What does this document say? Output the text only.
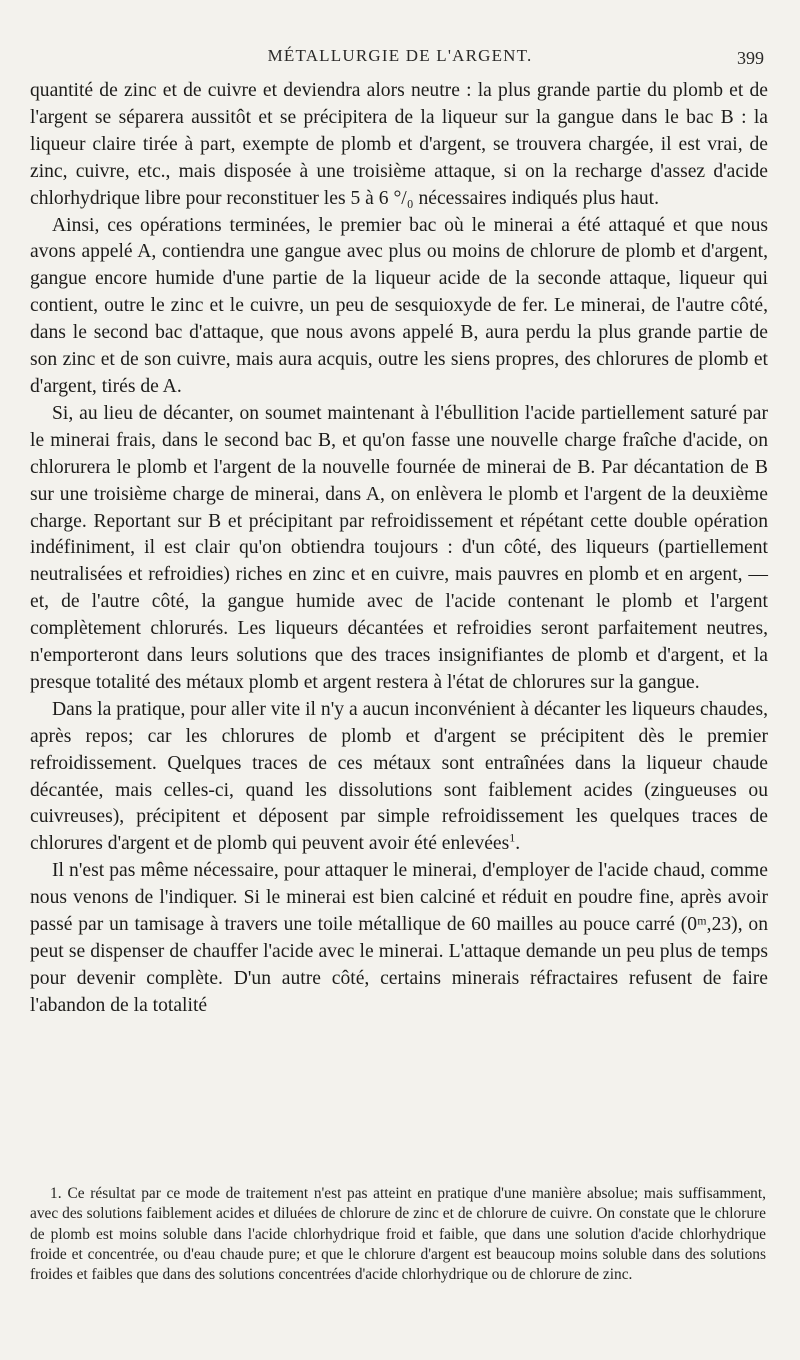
MÉTALLURGIE DE L'ARGENT.	399

quantité de zinc et de cuivre et deviendra alors neutre : la plus grande partie du plomb et de l'argent se séparera aussitôt et se précipitera de la liqueur sur la gangue dans le bac B : la liqueur claire tirée à part, exempte de plomb et d'argent, se trouvera chargée, il est vrai, de zinc, cuivre, etc., mais disposée à une troisième attaque, si on la recharge d'assez d'acide chlorhydrique libre pour reconstituer les 5 à 6 °/₀ nécessaires indiqués plus haut.

Ainsi, ces opérations terminées, le premier bac où le minerai a été attaqué et que nous avons appelé A, contiendra une gangue avec plus ou moins de chlorure de plomb et d'argent, gangue encore humide d'une partie de la liqueur acide de la seconde attaque, liqueur qui contient, outre le zinc et le cuivre, un peu de sesquioxyde de fer. Le minerai, de l'autre côté, dans le second bac d'attaque, que nous avons appelé B, aura perdu la plus grande partie de son zinc et de son cuivre, mais aura acquis, outre les siens propres, des chlorures de plomb et d'argent, tirés de A.

Si, au lieu de décanter, on soumet maintenant à l'ébullition l'acide partiellement saturé par le minerai frais, dans le second bac B, et qu'on fasse une nouvelle charge fraîche d'acide, on chlorurera le plomb et l'argent de la nouvelle fournée de minerai de B. Par décantation de B sur une troisième charge de minerai, dans A, on enlèvera le plomb et l'argent de la deuxième charge. Reportant sur B et précipitant par refroidissement et répétant cette double opération indéfiniment, il est clair qu'on obtiendra toujours : d'un côté, des liqueurs (partiellement neutralisées et refroidies) riches en zinc et en cuivre, mais pauvres en plomb et en argent, — et, de l'autre côté, la gangue humide avec de l'acide contenant le plomb et l'argent complètement chlorurés. Les liqueurs décantées et refroidies seront parfaitement neutres, n'emporteront dans leurs solutions que des traces insignifiantes de plomb et d'argent, et la presque totalité des métaux plomb et argent restera à l'état de chlorures sur la gangue.

Dans la pratique, pour aller vite il n'y a aucun inconvénient à décanter les liqueurs chaudes, après repos; car les chlorures de plomb et d'argent se précipitent dès le premier refroidissement. Quelques traces de ces métaux sont entraînées dans la liqueur chaude décantée, mais celles-ci, quand les dissolutions sont faiblement acides (zingueuses ou cuivreuses), précipitent et déposent par simple refroidissement les quelques traces de chlorures d'argent et de plomb qui peuvent avoir été enlevées$^1$.

Il n'est pas même nécessaire, pour attaquer le minerai, d'employer de l'acide chaud, comme nous venons de l'indiquer. Si le minerai est bien calciné et réduit en poudre fine, après avoir passé par un tamisage à travers une toile métallique de 60 mailles au pouce carré (0ᵐ,23), on peut se dispenser de chauffer l'acide avec le minerai. L'attaque demande un peu plus de temps pour devenir complète. D'un autre côté, certains minerais réfractaires refusent de faire l'abandon de la totalité

1. Ce résultat par ce mode de traitement n'est pas atteint en pratique d'une manière absolue; mais suffisamment, avec des solutions faiblement acides et diluées de chlorure de zinc et de chlorure de cuivre. On constate que le chlorure de plomb est moins soluble dans l'acide chlorhydrique froid et faible, que dans une solution d'acide chlorhydrique froide et concentrée, ou d'eau chaude pure; et que le chlorure d'argent est beaucoup moins soluble dans des solutions froides et faibles que dans des solutions concentrées d'acide chlorhydrique ou de chlorure de zinc.
